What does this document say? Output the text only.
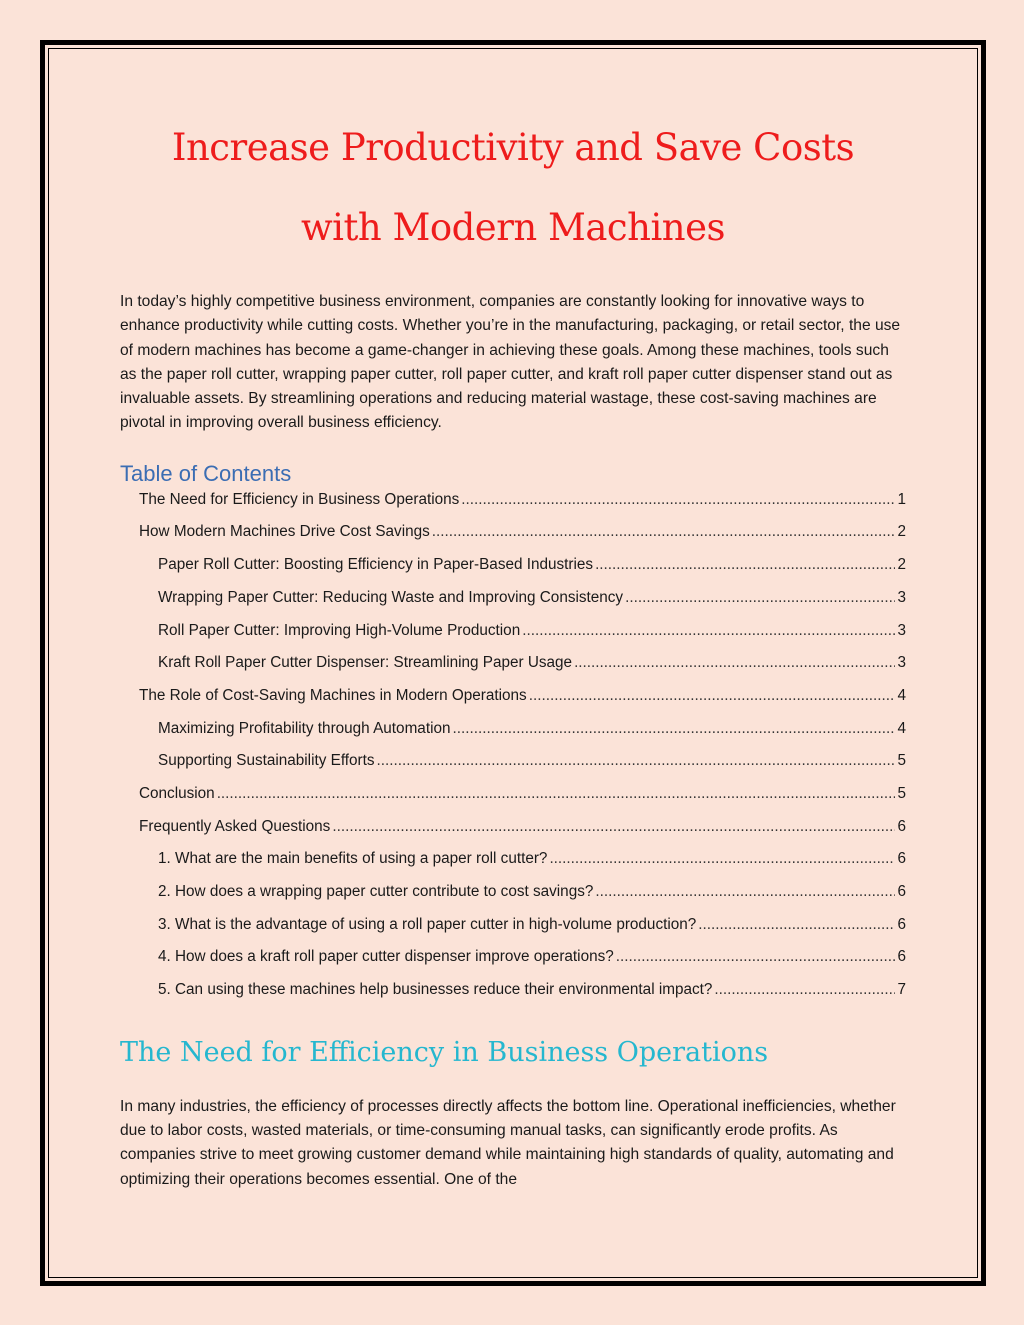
Increase Productivity and Save Costs
with Modern Machines

In today’s highly competitive business environment, companies are constantly looking for innovative ways to enhance productivity while cutting costs. Whether you’re in the manufacturing, packaging, or retail sector, the use of modern machines has become a game-changer in achieving these goals. Among these machines, tools such as the paper roll cutter, wrapping paper cutter, roll paper cutter, and kraft roll paper cutter dispenser stand out as invaluable assets. By streamlining operations and reducing material wastage, these cost-saving machines are pivotal in improving overall business efficiency.

Table of Contents
The Need for Efficiency in Business Operations .....	1
How Modern Machines Drive Cost Savings .....	2
Paper Roll Cutter: Boosting Efficiency in Paper-Based Industries .....	2
Wrapping Paper Cutter: Reducing Waste and Improving Consistency .....	3
Roll Paper Cutter: Improving High-Volume Production .....	3
Kraft Roll Paper Cutter Dispenser: Streamlining Paper Usage .....	3
The Role of Cost-Saving Machines in Modern Operations .....	4
Maximizing Profitability through Automation .....	4
Supporting Sustainability Efforts .....	5
Conclusion .....	5
Frequently Asked Questions .....	6
1. What are the main benefits of using a paper roll cutter? .....	6
2. How does a wrapping paper cutter contribute to cost savings? .....	6
3. What is the advantage of using a roll paper cutter in high-volume production? .....	6
4. How does a kraft roll paper cutter dispenser improve operations? .....	6
5. Can using these machines help businesses reduce their environmental impact? .....	7
The Need for Efficiency in Business Operations

In many industries, the efficiency of processes directly affects the bottom line. Operational inefficiencies, whether due to labor costs, wasted materials, or time-consuming manual tasks, can significantly erode profits. As companies strive to meet growing customer demand while maintaining high standards of quality, automating and optimizing their operations becomes essential. One of the
